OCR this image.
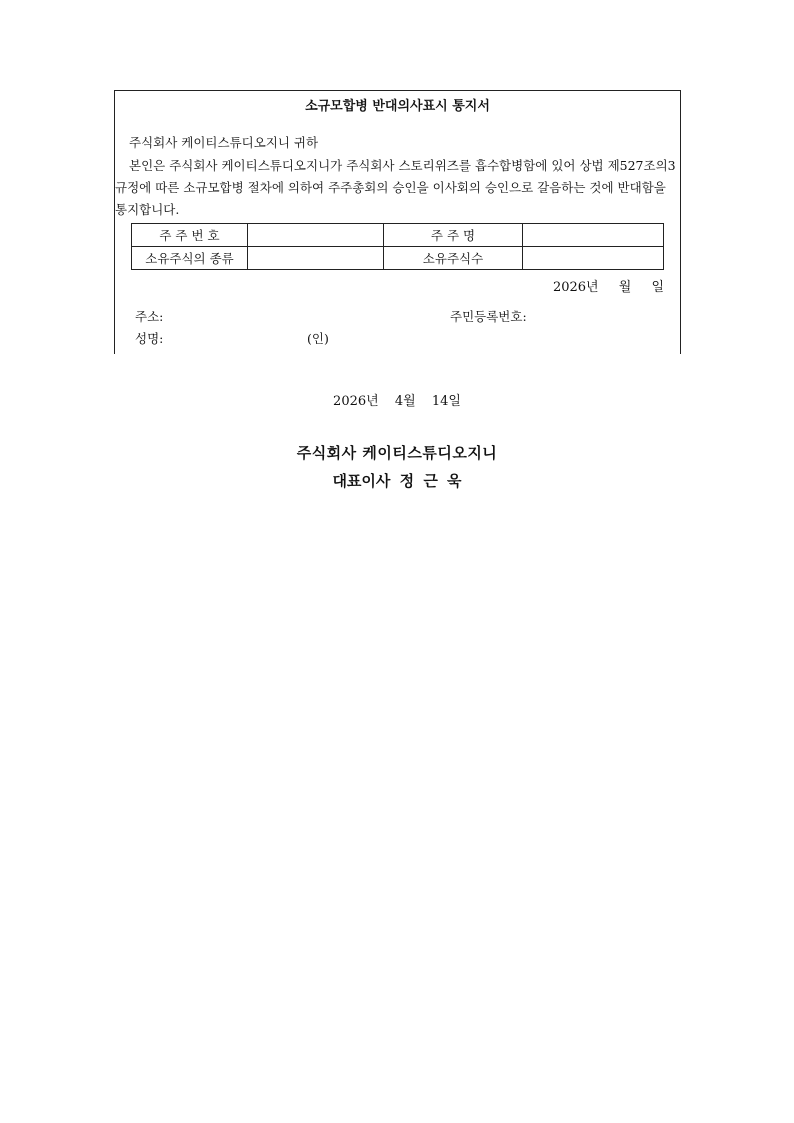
소규모합병 반대의사표시 통지서
주식회사 케이티스튜디오지니 귀하
본인은 주식회사 케이티스튜디오지니가 주식회사 스토리위즈를 흡수합병함에 있어 상법 제527조의3
규정에 따른 소규모합병 절차에 의하여 주주총회의 승인을 이사회의 승인으로 갈음하는 것에 반대함을
통지합니다.
주 주 번 호		주 주 명	
소유주식의 종류		소유주식수	
2026년 월 일
주소:	주민등록번호:
성명:	(인)
2026년 4월 14일
주식회사 케이티스튜디오지니
대표이사 정 근 욱
